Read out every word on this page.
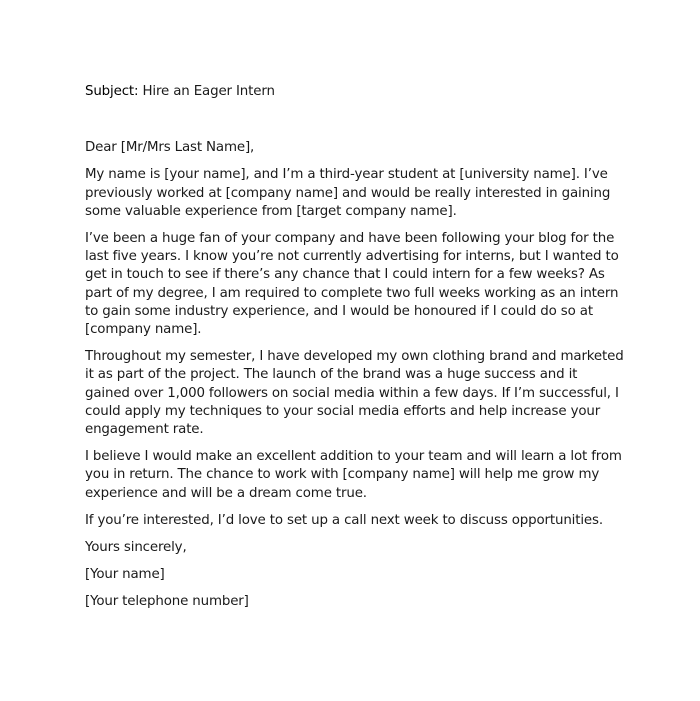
Subject: Hire an Eager Intern

Dear [Mr/Mrs Last Name],

My name is [your name], and I’m a third-year student at [university name]. I’ve previously worked at [company name] and would be really interested in gaining some valuable experience from [target company name].

I’ve been a huge fan of your company and have been following your blog for the last five years. I know you’re not currently advertising for interns, but I wanted to get in touch to see if there’s any chance that I could intern for a few weeks? As part of my degree, I am required to complete two full weeks working as an intern to gain some industry experience, and I would be honoured if I could do so at [company name].

Throughout my semester, I have developed my own clothing brand and marketed it as part of the project. The launch of the brand was a huge success and it gained over 1,000 followers on social media within a few days. If I’m successful, I could apply my techniques to your social media efforts and help increase your engagement rate.

I believe I would make an excellent addition to your team and will learn a lot from you in return. The chance to work with [company name] will help me grow my experience and will be a dream come true.

If you’re interested, I’d love to set up a call next week to discuss opportunities.

Yours sincerely,

[Your name]

[Your telephone number]
